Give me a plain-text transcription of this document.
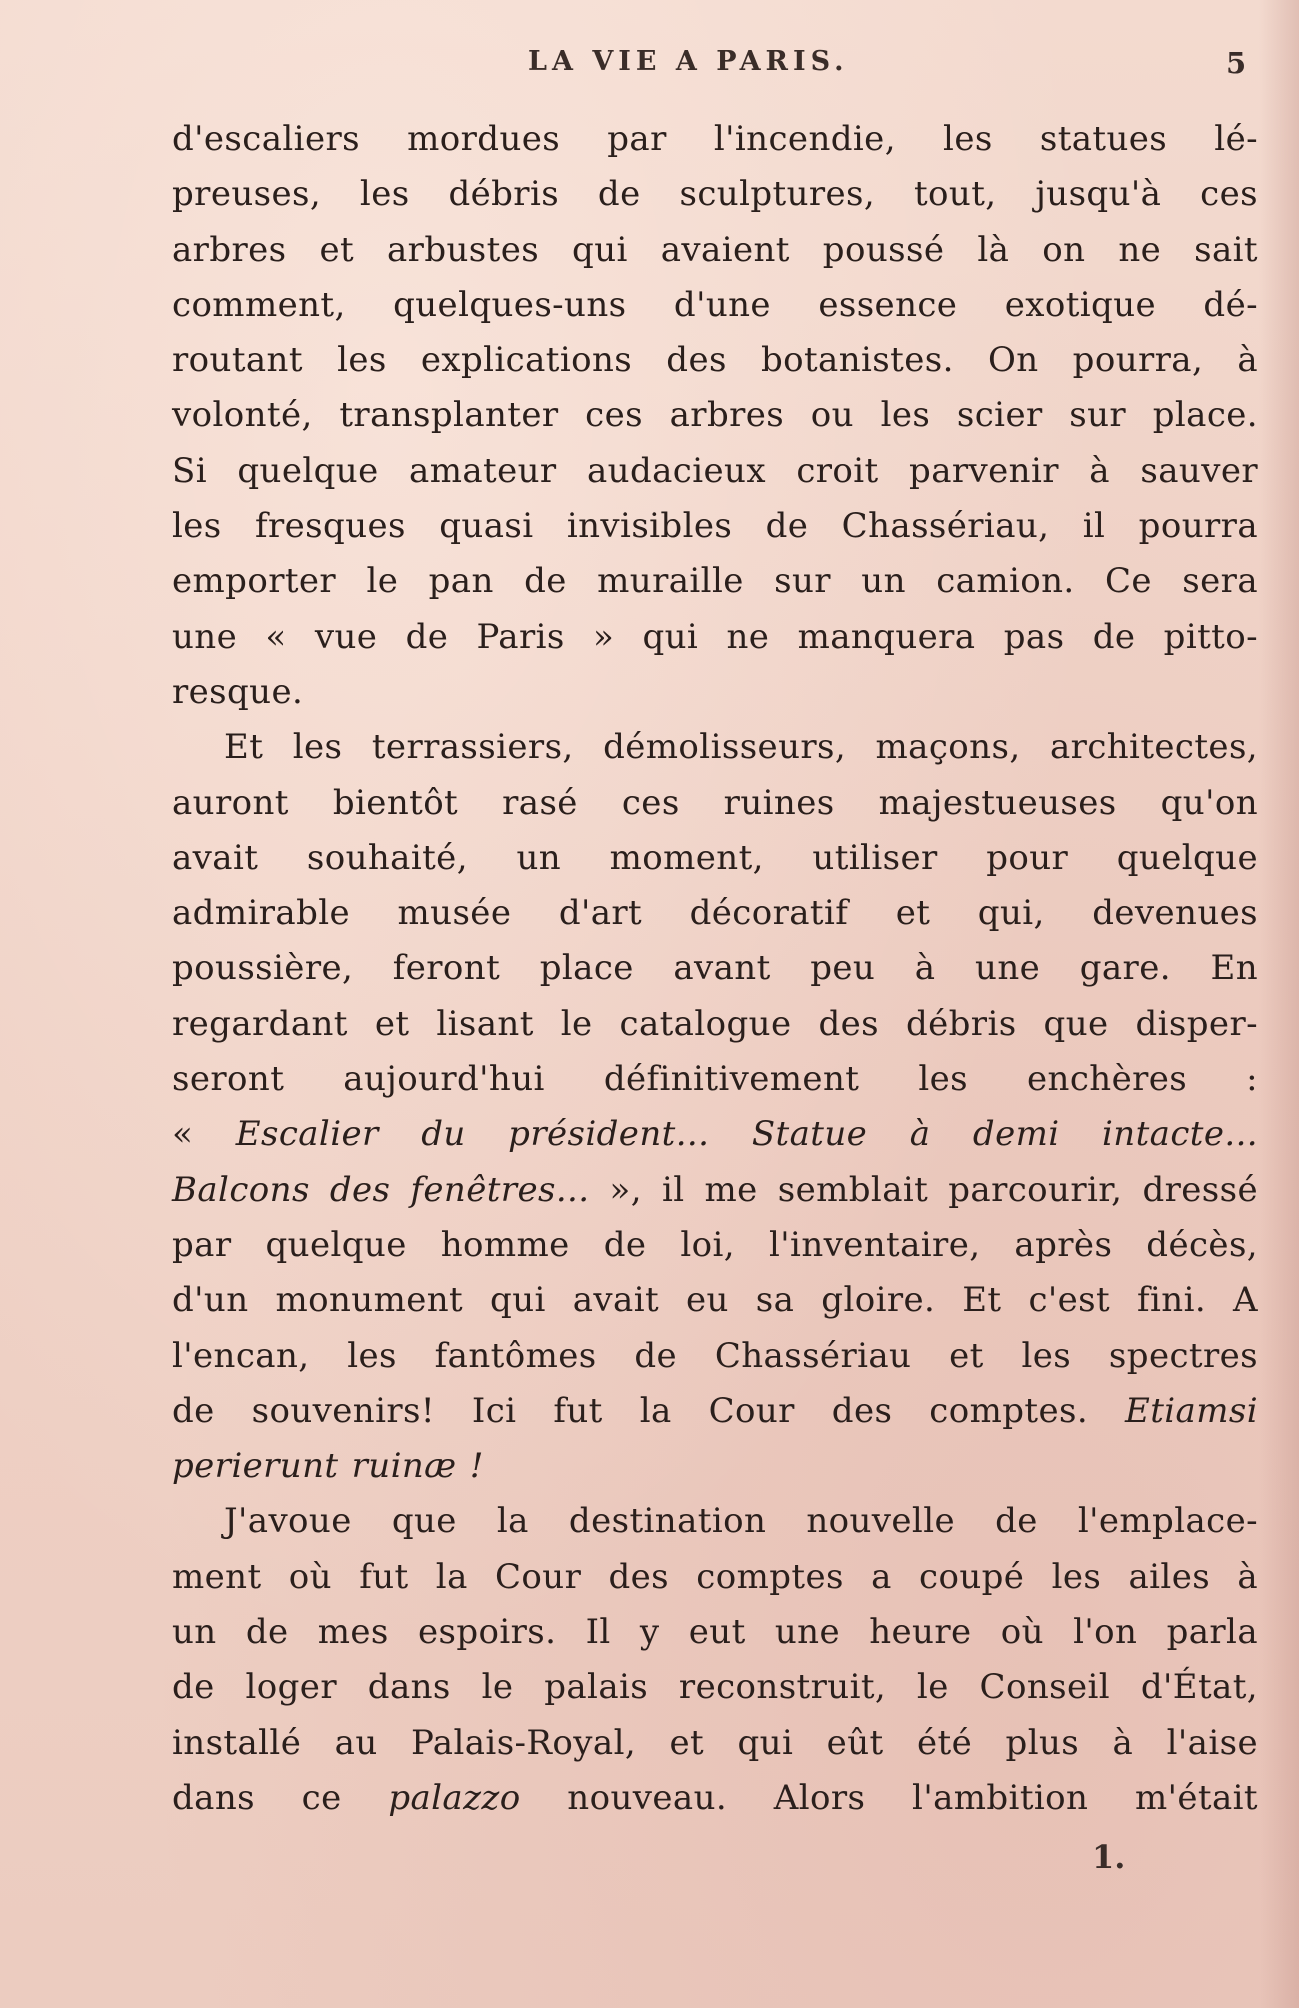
LA VIE A PARIS.	5
d'escaliers mordues par l'incendie, les statues lé-
preuses, les débris de sculptures, tout, jusqu'à ces
arbres et arbustes qui avaient poussé là on ne sait
comment, quelques-uns d'une essence exotique dé-
routant les explications des botanistes. On pourra, à
volonté, transplanter ces arbres ou les scier sur place.
Si quelque amateur audacieux croit parvenir à sauver
les fresques quasi invisibles de Chassériau, il pourra
emporter le pan de muraille sur un camion. Ce sera
une « vue de Paris » qui ne manquera pas de pitto-
resque.
Et les terrassiers, démolisseurs, maçons, architectes,
auront bientôt rasé ces ruines majestueuses qu'on
avait souhaité, un moment, utiliser pour quelque
admirable musée d'art décoratif et qui, devenues
poussière, feront place avant peu à une gare. En
regardant et lisant le catalogue des débris que disper-
seront aujourd'hui définitivement les enchères :
« Escalier du président... Statue à demi intacte...
Balcons des fenêtres... », il me semblait parcourir, dressé
par quelque homme de loi, l'inventaire, après décès,
d'un monument qui avait eu sa gloire. Et c'est fini. A
l'encan, les fantômes de Chassériau et les spectres
de souvenirs! Ici fut la Cour des comptes. Etiamsi
perierunt ruinæ !
J'avoue que la destination nouvelle de l'emplace-
ment où fut la Cour des comptes a coupé les ailes à
un de mes espoirs. Il y eut une heure où l'on parla
de loger dans le palais reconstruit, le Conseil d'État,
installé au Palais-Royal, et qui eût été plus à l'aise
dans ce palazzo nouveau. Alors l'ambition m'était
1.
